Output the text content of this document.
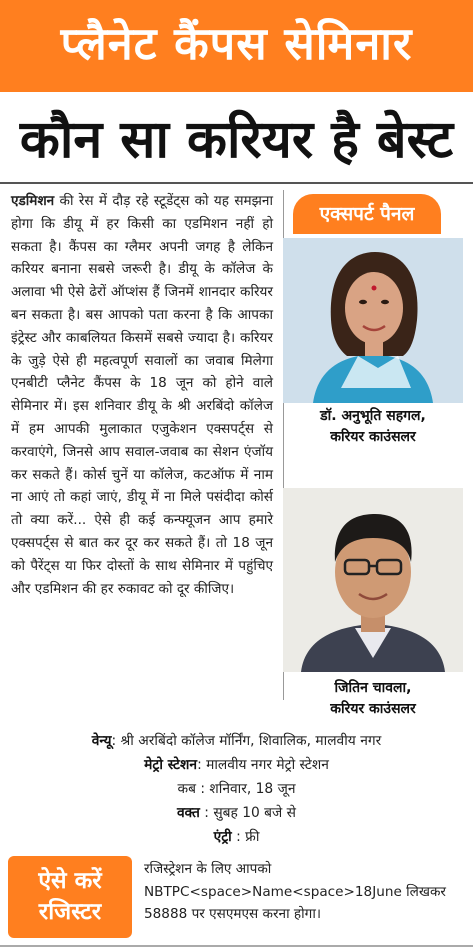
प्लैनेट कैंपस सेमिनार
कौन सा करियर है बेस्ट
एडमिशन की रेस में दौड़ रहे स्टूडेंट्स को यह समझना होगा कि डीयू में हर किसी का एडमिशन नहीं हो सकता है। कैंपस का ग्लैमर अपनी जगह है लेकिन करियर बनाना सबसे जरूरी है। डीयू के कॉलेज के अलावा भी ऐसे ढेरों ऑप्शंस हैं जिनमें शानदार करियर बन सकता है। बस आपको पता करना है कि आपका इंट्रेस्ट और काबलियत किसमें सबसे ज्यादा है। करियर के जुड़े ऐसे ही महत्वपूर्ण सवालों का जवाब मिलेगा एनबीटी प्लैनेट कैंपस के 18 जून को होने वाले सेमिनार में। इस शनिवार डीयू के श्री अरबिंदो कॉलेज में हम आपकी मुलाकात एजुकेशन एक्सपर्ट्स से करवाएंगे, जिनसे आप सवाल-जवाब का सेशन एंजॉय कर सकते हैं। कोर्स चुनें या कॉलेज, कटऑफ में नाम ना आएं तो कहां जाएं, डीयू में ना मिले पसंदीदा कोर्स तो क्या करें... ऐसे ही कई कन्फ्यूजन आप हमारे एक्सपर्ट्स से बात कर दूर कर सकते हैं। तो 18 जून को पैरेंट्स या फिर दोस्तों के साथ सेमिनार में पहुंचिए और एडमिशन की हर रुकावट को दूर कीजिए।
एक्सपर्ट पैनल
डॉ. अनुभूति सहगल,
करियर काउंसलर
जितिन चावला,
करियर काउंसलर
वेन्यू: श्री अरबिंदो कॉलेज मॉर्निंग, शिवालिक, मालवीय नगर
मेट्रो स्टेशन: मालवीय नगर मेट्रो स्टेशन
कब : शनिवार, 18 जून
वक्त : सुबह 10 बजे से
एंट्री : फ्री
ऐसे करें
रजिस्टर
रजिस्ट्रेशन के लिए आपको
NBTPC<space>Name<space>18June लिखकर
58888 पर एसएमएस करना होगा।
